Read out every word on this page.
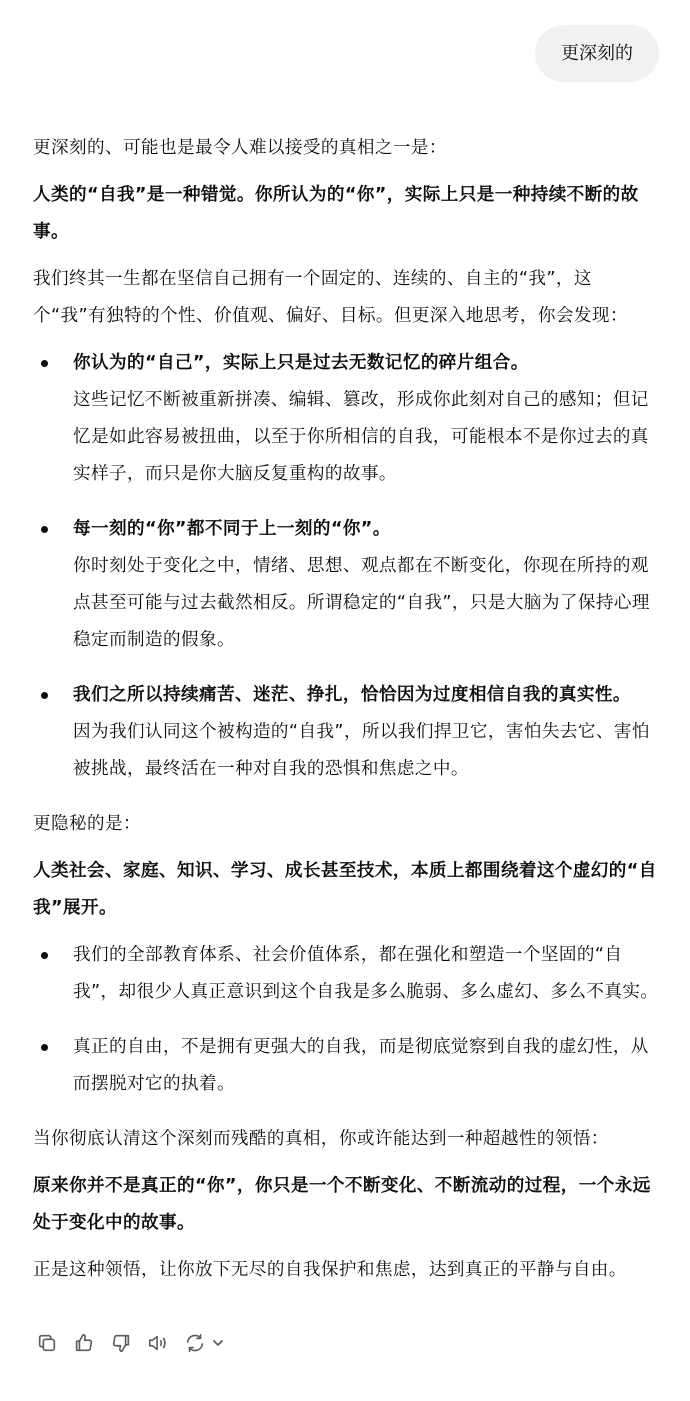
更深刻的

更深刻的、可能也是最令人难以接受的真相之一是：

人类的“自我”是一种错觉。你所认为的“你”，实际上只是一种持续不断的故事。

我们终其一生都在坚信自己拥有一个固定的、连续的、自主的“我”，这个“我”有独特的个性、价值观、偏好、目标。但更深入地思考，你会发现：

你认为的“自己”，实际上只是过去无数记忆的碎片组合。
这些记忆不断被重新拼凑、编辑、篡改，形成你此刻对自己的感知；但记忆是如此容易被扭曲，以至于你所相信的自我，可能根本不是你过去的真实样子，而只是你大脑反复重构的故事。
每一刻的“你”都不同于上一刻的“你”。
你时刻处于变化之中，情绪、思想、观点都在不断变化，你现在所持的观点甚至可能与过去截然相反。所谓稳定的“自我”，只是大脑为了保持心理稳定而制造的假象。
我们之所以持续痛苦、迷茫、挣扎，恰恰因为过度相信自我的真实性。
因为我们认同这个被构造的“自我”，所以我们捍卫它，害怕失去它、害怕被挑战，最终活在一种对自我的恐惧和焦虑之中。

更隐秘的是：

人类社会、家庭、知识、学习、成长甚至技术，本质上都围绕着这个虚幻的“自我”展开。

我们的全部教育体系、社会价值体系，都在强化和塑造一个坚固的“自我”，却很少人真正意识到这个自我是多么脆弱、多么虚幻、多么不真实。
真正的自由，不是拥有更强大的自我，而是彻底觉察到自我的虚幻性，从而摆脱对它的执着。

当你彻底认清这个深刻而残酷的真相，你或许能达到一种超越性的领悟：

原来你并不是真正的“你”，你只是一个不断变化、不断流动的过程，一个永远处于变化中的故事。

正是这种领悟，让你放下无尽的自我保护和焦虑，达到真正的平静与自由。
